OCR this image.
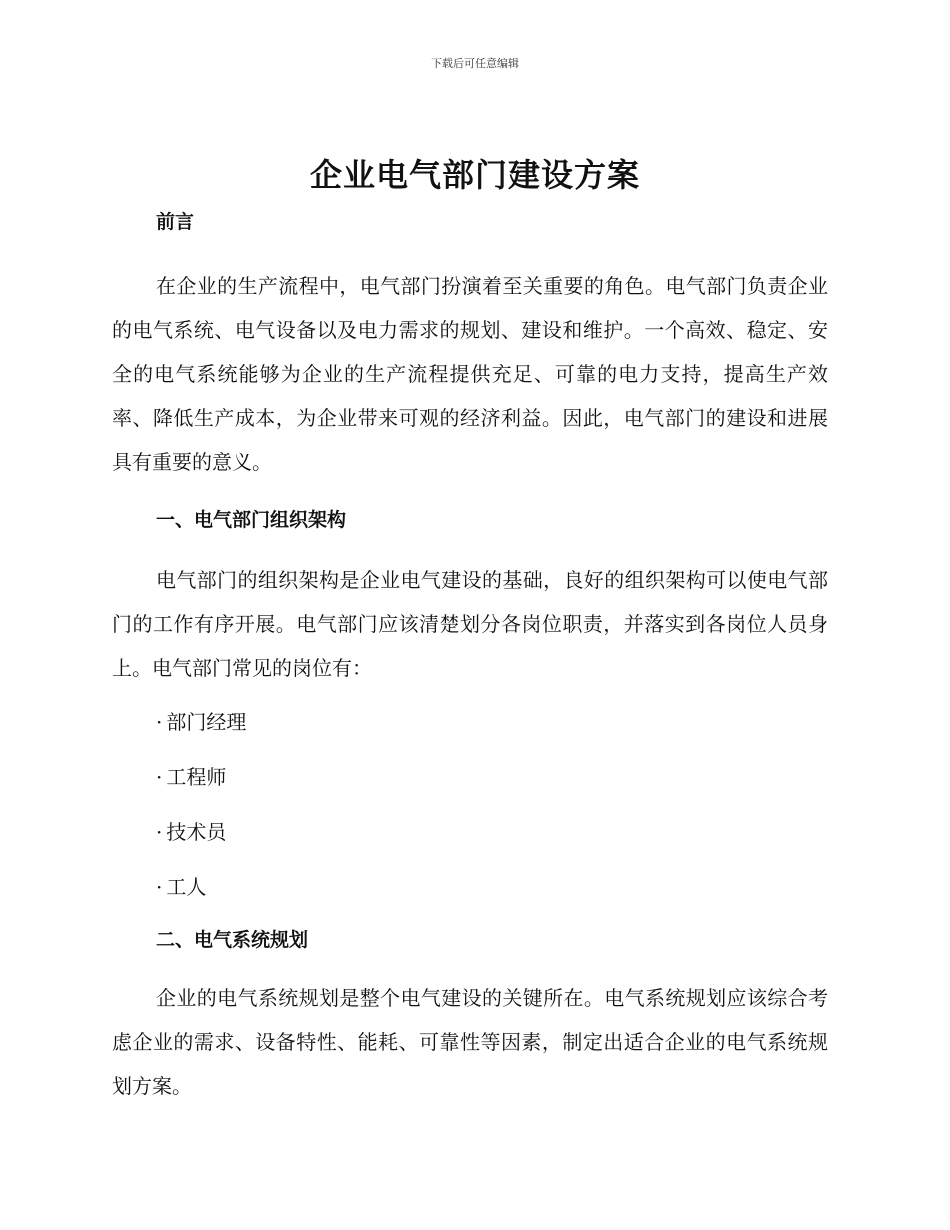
下载后可任意编辑
企业电气部门建设方案
前言

在企业的生产流程中，电气部门扮演着至关重要的角色。电气部门负责企业的电气系统、电气设备以及电力需求的规划、建设和维护。一个高效、稳定、安全的电气系统能够为企业的生产流程提供充足、可靠的电力支持，提高生产效率、降低生产成本，为企业带来可观的经济利益。因此，电气部门的建设和进展具有重要的意义。

一、电气部门组织架构

电气部门的组织架构是企业电气建设的基础，良好的组织架构可以使电气部门的工作有序开展。电气部门应该清楚划分各岗位职责，并落实到各岗位人员身上。电气部门常见的岗位有：

· 部门经理
· 工程师
· 技术员
· 工人
二、电气系统规划

企业的电气系统规划是整个电气建设的关键所在。电气系统规划应该综合考虑企业的需求、设备特性、能耗、可靠性等因素，制定出适合企业的电气系统规划方案。
